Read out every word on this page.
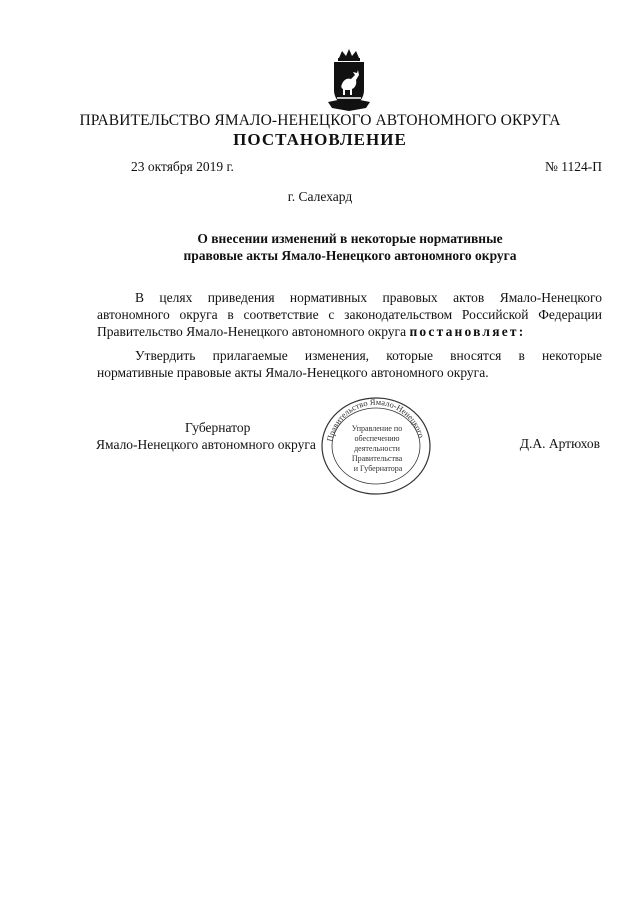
ПРАВИТЕЛЬСТВО ЯМАЛО-НЕНЕЦКОГО АВТОНОМНОГО ОКРУГА
ПОСТАНОВЛЕНИЕ
23 октября 2019 г.	№ 1124-П
г. Салехард
О внесении изменений в некоторые нормативные
правовые акты Ямало-Ненецкого автономного округа
В целях приведения нормативных правовых актов Ямало-Ненецкого
автономного округа в соответствие с законодательством Российской Федерации
Правительство Ямало-Ненецкого автономного округа постановляет:
Утвердить прилагаемые изменения, которые вносятся в некоторые
нормативные правовые акты Ямало-Ненецкого автономного округа.
Губернатор
Ямало-Ненецкого автономного округа	Д.А. Артюхов
Правительство Ямало-Ненецкого
Управление по обеспечению деятельности Правительства и Губернатора
